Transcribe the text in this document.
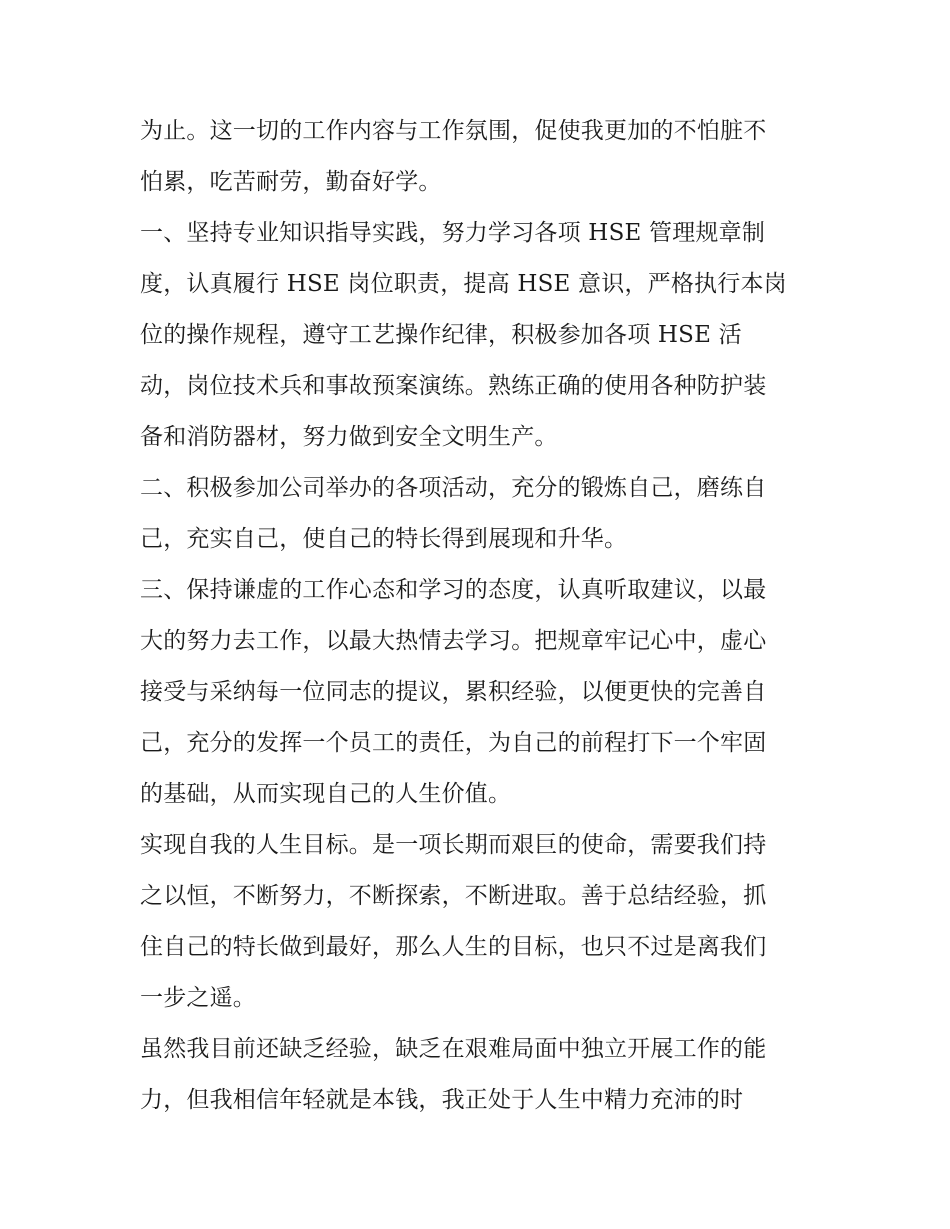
为止。这一切的工作内容与工作氛围，促使我更加的不怕脏不
怕累，吃苦耐劳，勤奋好学。
一、坚持专业知识指导实践，努力学习各项 HSE 管理规章制
度，认真履行 HSE 岗位职责，提高 HSE 意识，严格执行本岗
位的操作规程，遵守工艺操作纪律，积极参加各项 HSE 活
动，岗位技术兵和事故预案演练。熟练正确的使用各种防护装
备和消防器材，努力做到安全文明生产。
二、积极参加公司举办的各项活动，充分的锻炼自己，磨练自
己，充实自己，使自己的特长得到展现和升华。
三、保持谦虚的工作心态和学习的态度，认真听取建议，以最
大的努力去工作，以最大热情去学习。把规章牢记心中，虚心
接受与采纳每一位同志的提议，累积经验，以便更快的完善自
己，充分的发挥一个员工的责任，为自己的前程打下一个牢固
的基础，从而实现自己的人生价值。
实现自我的人生目标。是一项长期而艰巨的使命，需要我们持
之以恒，不断努力，不断探索，不断进取。善于总结经验，抓
住自己的特长做到最好，那么人生的目标，也只不过是离我们
一步之遥。
虽然我目前还缺乏经验，缺乏在艰难局面中独立开展工作的能
力，但我相信年轻就是本钱，我正处于人生中精力充沛的时
